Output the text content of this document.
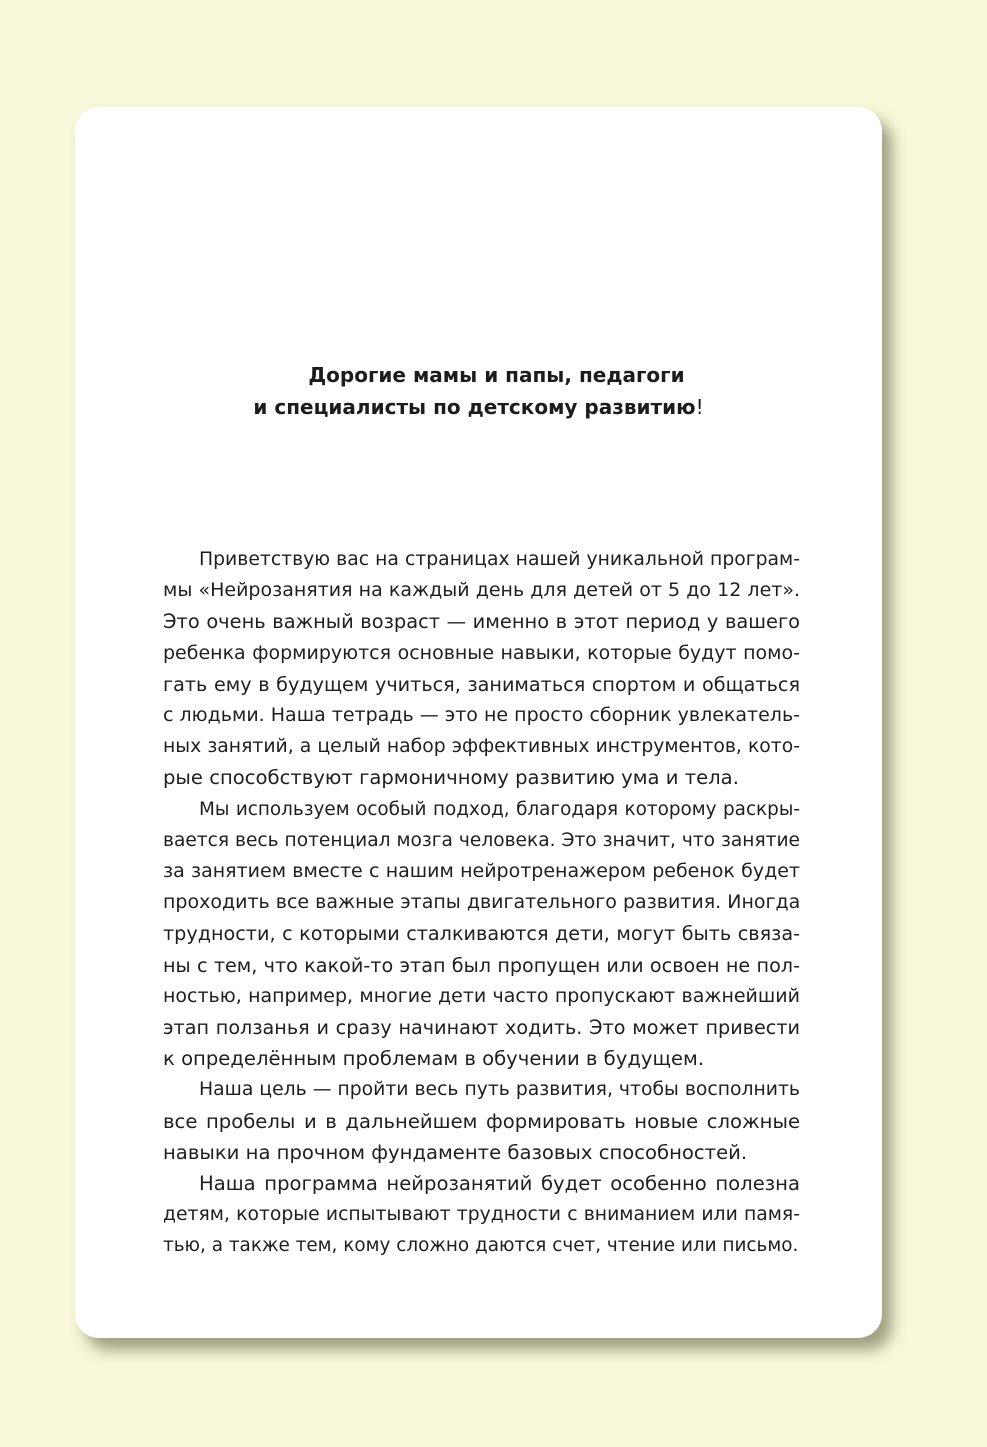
Дорогие мамы и папы, педагоги
и специалисты по детскому развитию!

Приветствую вас на страницах нашей уникальной програм-
мы «Нейрозанятия на каждый день для детей от 5 до 12 лет».
Это очень важный возраст — именно в этот период у вашего
ребенка формируются основные навыки, которые будут помо-
гать ему в будущем учиться, заниматься спортом и общаться
с людьми. Наша тетрадь — это не просто сборник увлекатель-
ных занятий, а целый набор эффективных инструментов, кото-
рые способствуют гармоничному развитию ума и тела.

Мы используем особый подход, благодаря которому раскры-
вается весь потенциал мозга человека. Это значит, что занятие
за занятием вместе с нашим нейротренажером ребенок будет
проходить все важные этапы двигательного развития. Иногда
трудности, с которыми сталкиваются дети, могут быть связа-
ны с тем, что какой-то этап был пропущен или освоен не пол-
ностью, например, многие дети часто пропускают важнейший
этап ползанья и сразу начинают ходить. Это может привести
к определённым проблемам в обучении в будущем.

Наша цель — пройти весь путь развития, чтобы восполнить
все пробелы и в дальнейшем формировать новые сложные
навыки на прочном фундаменте базовых способностей.

Наша программа нейрозанятий будет особенно полезна
детям, которые испытывают трудности с вниманием или памя-
тью, а также тем, кому сложно даются счет, чтение или письмо.
